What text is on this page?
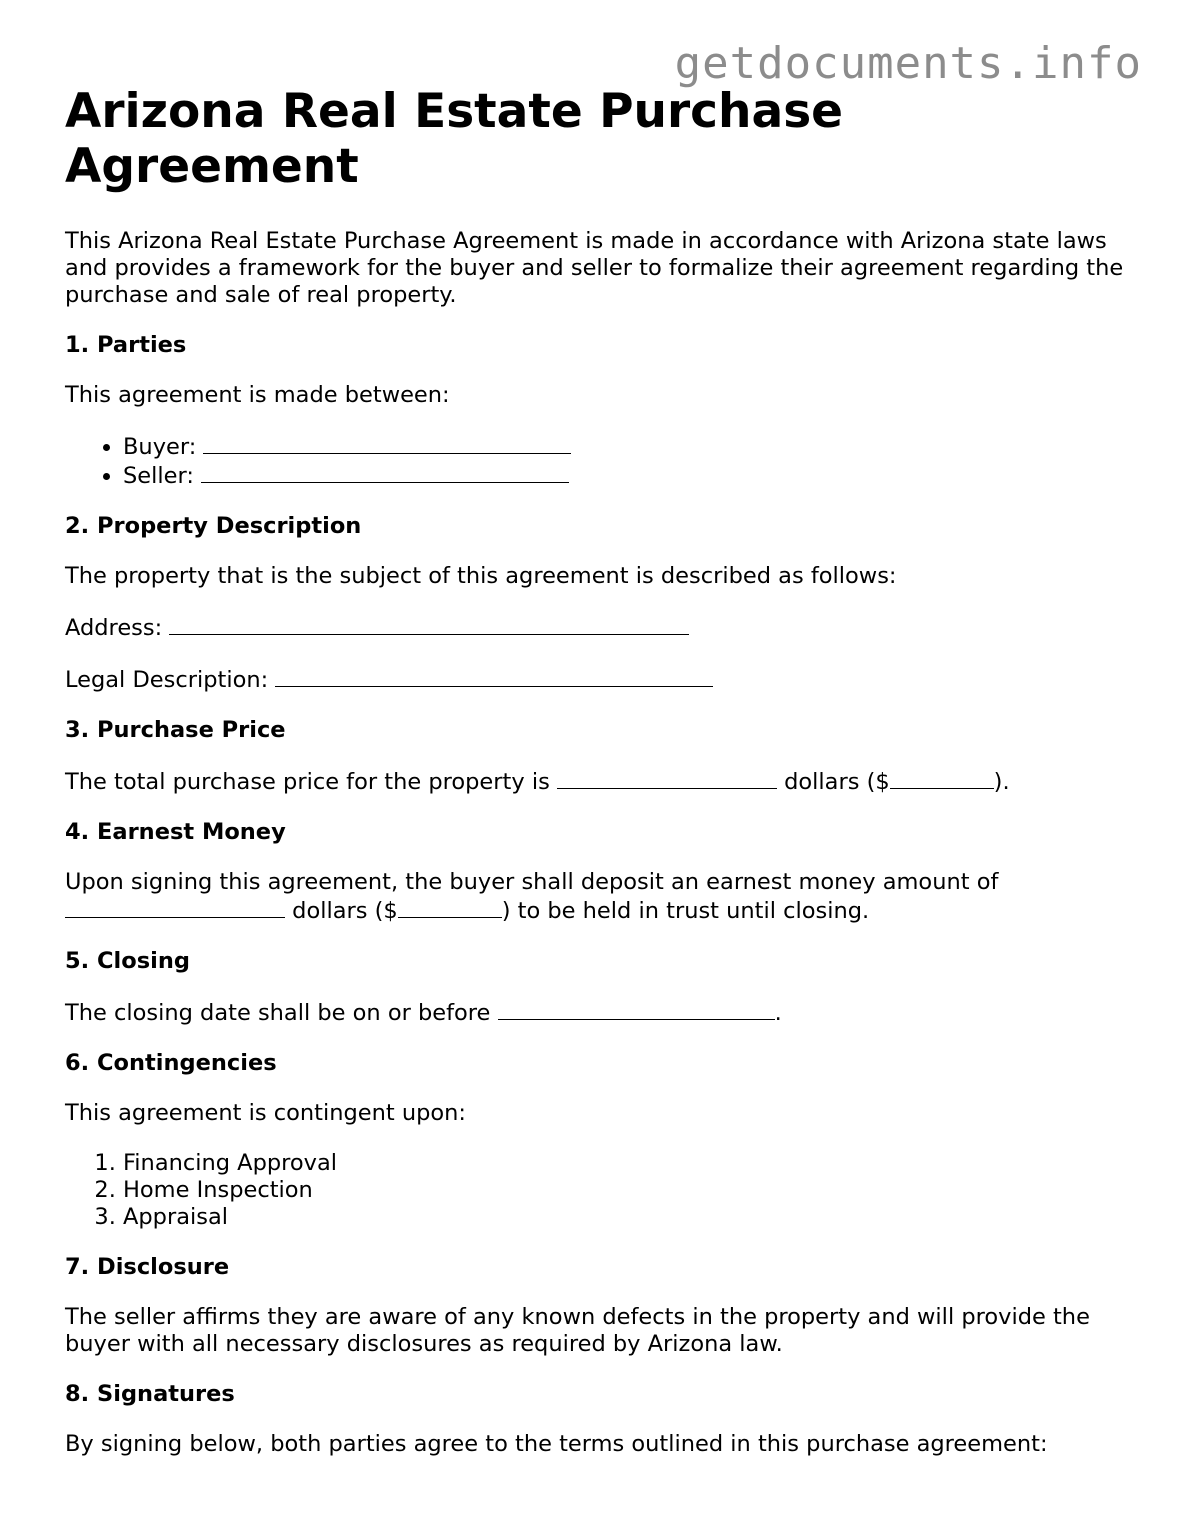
getdocuments.info
Arizona Real Estate Purchase Agreement

This Arizona Real Estate Purchase Agreement is made in accordance with Arizona state laws and provides a framework for the buyer and seller to formalize their agreement regarding the purchase and sale of real property.

1. Parties

This agreement is made between:

• Buyer:
• Seller:
2. Property Description

The property that is the subject of this agreement is described as follows:

Address:

Legal Description:

3. Purchase Price

The total purchase price for the property is	dollars ($	).

4. Earnest Money

Upon signing this agreement, the buyer shall deposit an earnest money amount of
dollars ($	) to be held in trust until closing.

5. Closing

The closing date shall be on or before	.

6. Contingencies

This agreement is contingent upon:

1. Financing Approval
2. Home Inspection
3. Appraisal
7. Disclosure

The seller affirms they are aware of any known defects in the property and will provide the buyer with all necessary disclosures as required by Arizona law.

8. Signatures

By signing below, both parties agree to the terms outlined in this purchase agreement:
